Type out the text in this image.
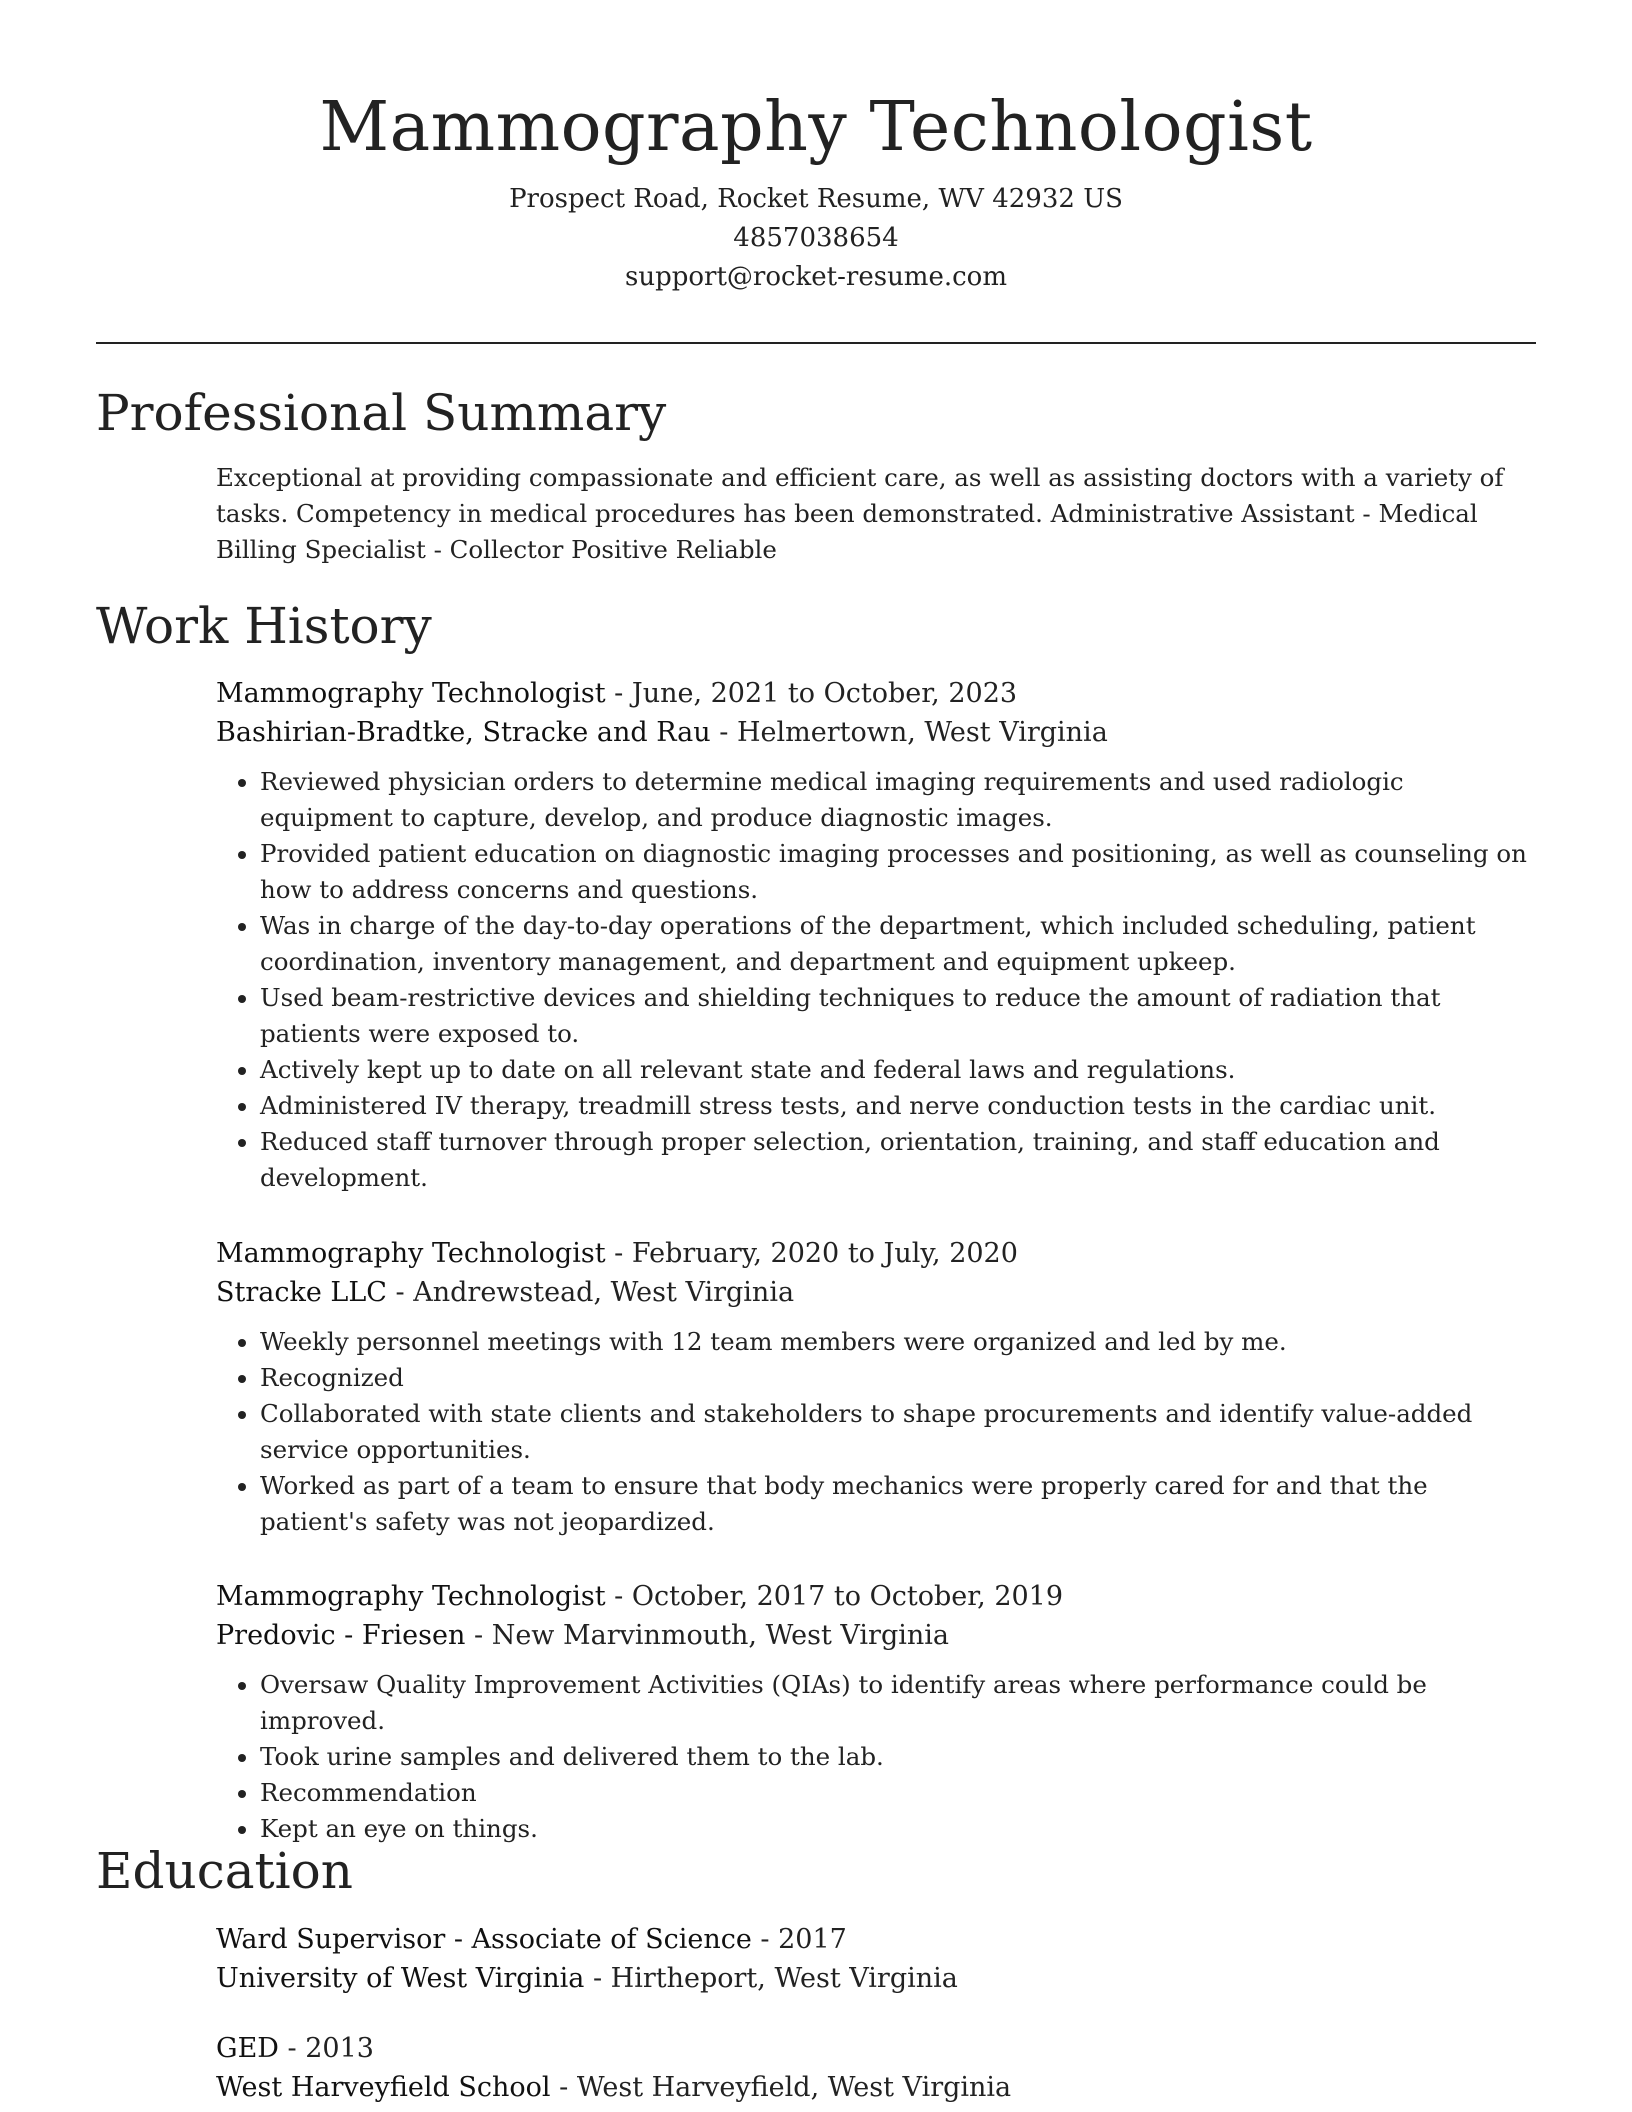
Mammography Technologist
Prospect Road, Rocket Resume, WV 42932 US
4857038654
support@rocket-resume.com
Professional Summary

Exceptional at providing compassionate and efficient care, as well as assisting doctors with a variety of tasks. Competency in medical procedures has been demonstrated. Administrative Assistant - Medical Billing Specialist - Collector Positive Reliable

Work History
Mammography Technologist - June, 2021 to October, 2023
Bashirian-Bradtke, Stracke and Rau - Helmertown, West Virginia
• Reviewed physician orders to determine medical imaging requirements and used radiologic equipment to capture, develop, and produce diagnostic images.
• Provided patient education on diagnostic imaging processes and positioning, as well as counseling on how to address concerns and questions.
• Was in charge of the day-to-day operations of the department, which included scheduling, patient coordination, inventory management, and department and equipment upkeep.
• Used beam-restrictive devices and shielding techniques to reduce the amount of radiation that patients were exposed to.
• Actively kept up to date on all relevant state and federal laws and regulations.
• Administered IV therapy, treadmill stress tests, and nerve conduction tests in the cardiac unit.
• Reduced staff turnover through proper selection, orientation, training, and staff education and development.
Mammography Technologist - February, 2020 to July, 2020
Stracke LLC - Andrewstead, West Virginia
• Weekly personnel meetings with 12 team members were organized and led by me.
• Recognized
• Collaborated with state clients and stakeholders to shape procurements and identify value-added service opportunities.
• Worked as part of a team to ensure that body mechanics were properly cared for and that the patient's safety was not jeopardized.
Mammography Technologist - October, 2017 to October, 2019
Predovic - Friesen - New Marvinmouth, West Virginia
• Oversaw Quality Improvement Activities (QIAs) to identify areas where performance could be improved.
• Took urine samples and delivered them to the lab.
• Recommendation
• Kept an eye on things.
Education
Ward Supervisor - Associate of Science - 2017
University of West Virginia - Hirtheport, West Virginia
GED - 2013
West Harveyfield School - West Harveyfield, West Virginia
